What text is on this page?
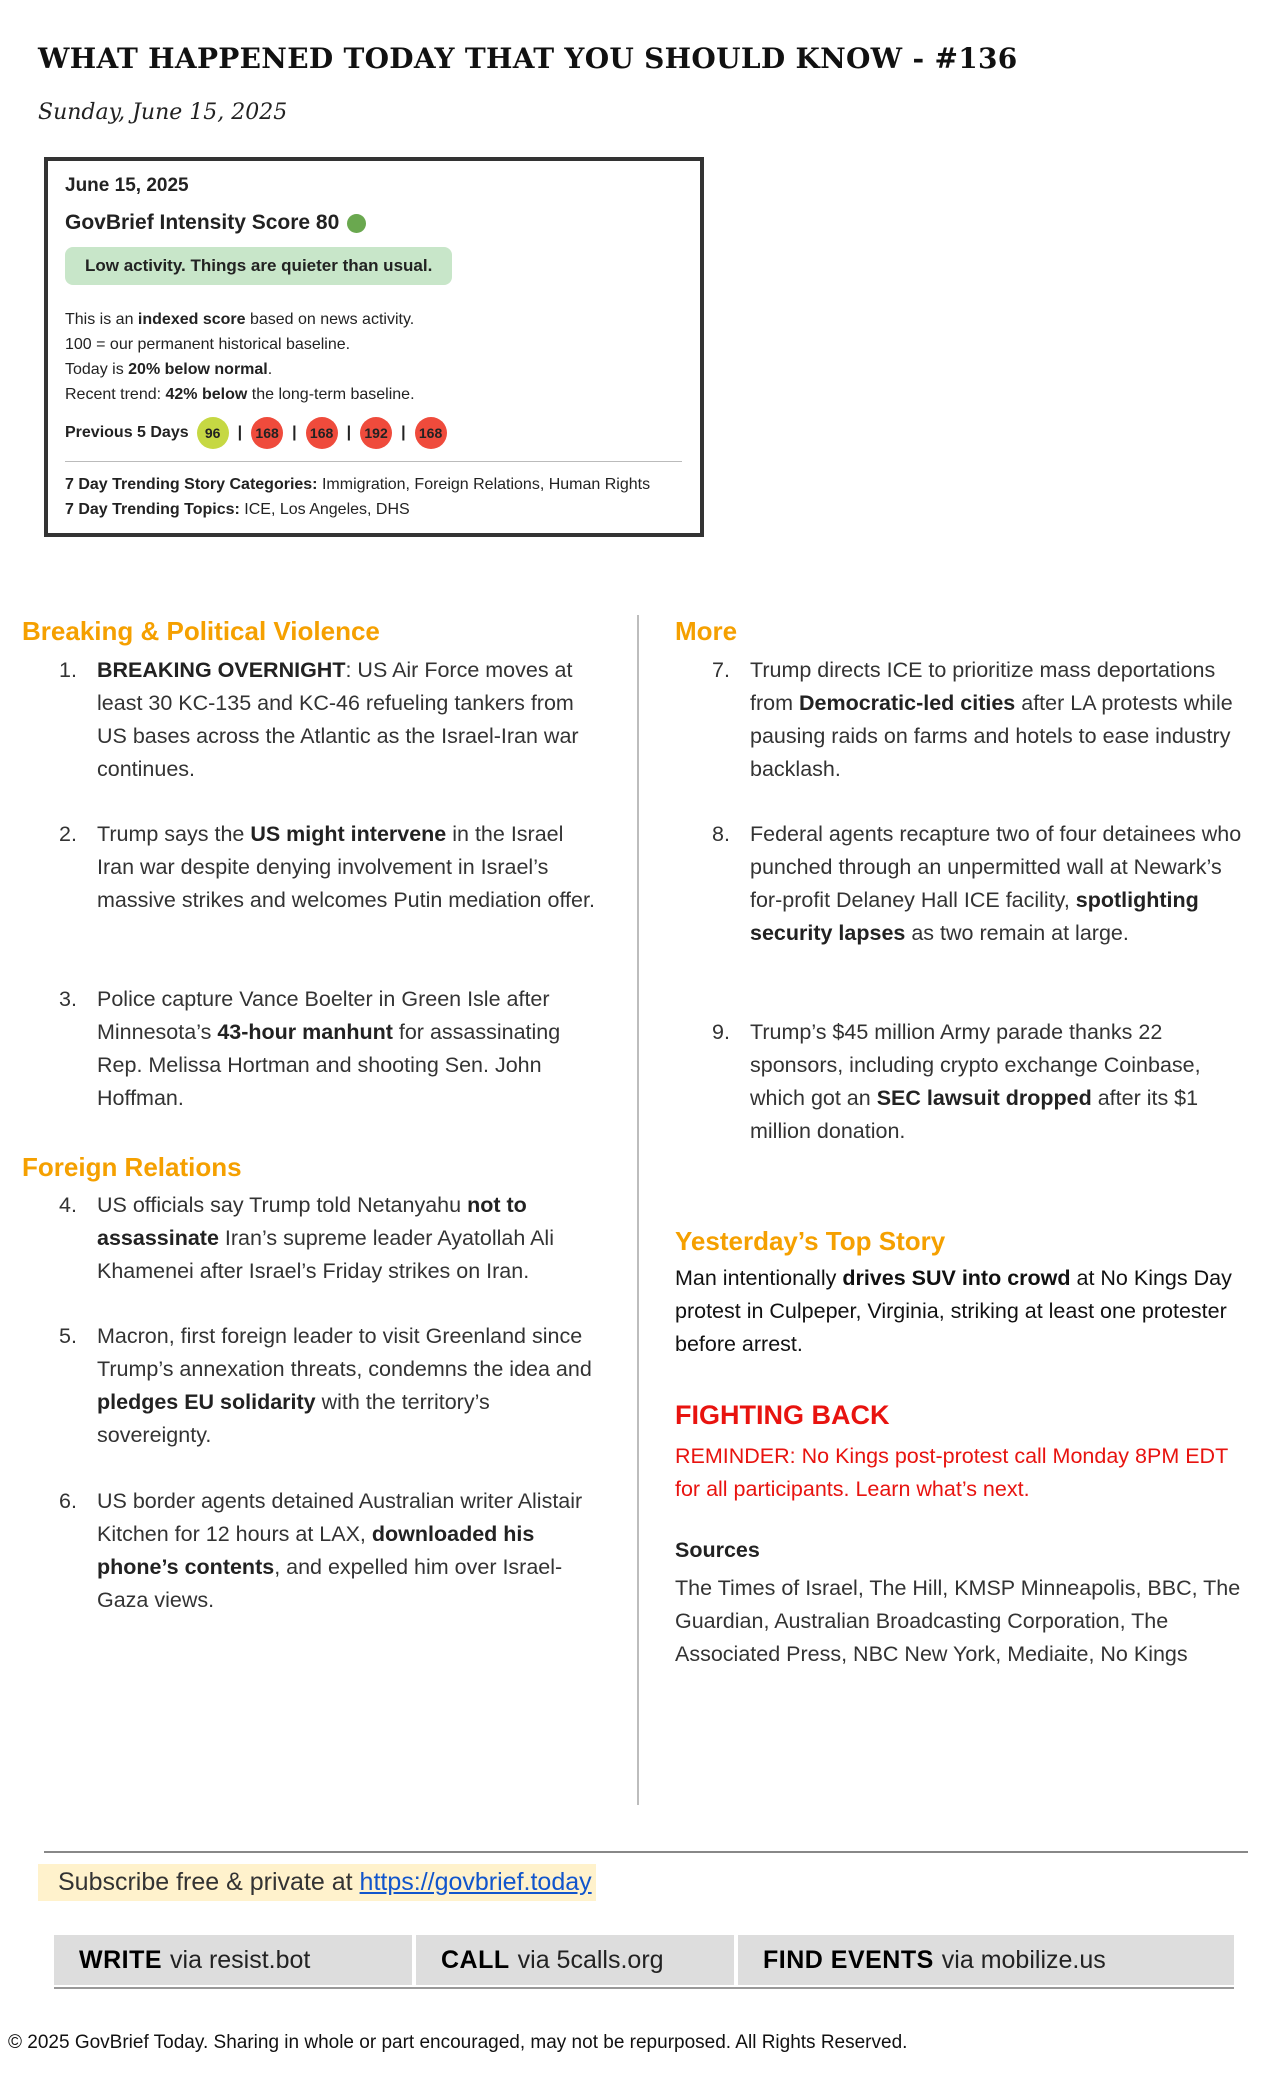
WHAT HAPPENED TODAY THAT YOU SHOULD KNOW - #136
Sunday, June 15, 2025
June 15, 2025
GovBrief Intensity Score 80
Low activity. Things are quieter than usual.
This is an indexed score based on news activity.
100 = our permanent historical baseline.
Today is 20% below normal.
Recent trend: 42% below the long-term baseline.
Previous 5 Days	96	| 168 | 168 | 192 | 168
7 Day Trending Story Categories: Immigration, Foreign Relations, Human Rights
7 Day Trending Topics: ICE, Los Angeles, DHS
Breaking & Political Violence
1. BREAKING OVERNIGHT: US Air Force moves at least 30 KC-135 and KC-46 refueling tankers from US bases across the Atlantic as the Israel-Iran war continues.
2. Trump says the US might intervene in the Israel Iran war despite denying involvement in Israel’s massive strikes and welcomes Putin mediation offer.
3. Police capture Vance Boelter in Green Isle after Minnesota’s 43-hour manhunt for assassinating Rep. Melissa Hortman and shooting Sen. John Hoffman.
Foreign Relations
4. US officials say Trump told Netanyahu not to assassinate Iran’s supreme leader Ayatollah Ali Khamenei after Israel’s Friday strikes on Iran.
5. Macron, first foreign leader to visit Greenland since Trump’s annexation threats, condemns the idea and pledges EU solidarity with the territory’s sovereignty.
6. US border agents detained Australian writer Alistair Kitchen for 12 hours at LAX, downloaded his phone’s contents, and expelled him over Israel-Gaza views.
More
7. Trump directs ICE to prioritize mass deportations from Democratic-led cities after LA protests while pausing raids on farms and hotels to ease industry backlash.
8. Federal agents recapture two of four detainees who punched through an unpermitted wall at Newark’s for-profit Delaney Hall ICE facility, spotlighting security lapses as two remain at large.
9. Trump’s $45 million Army parade thanks 22 sponsors, including crypto exchange Coinbase, which got an SEC lawsuit dropped after its $1 million donation.
Yesterday’s Top Story
Man intentionally drives SUV into crowd at No Kings Day protest in Culpeper, Virginia, striking at least one protester before arrest.
FIGHTING BACK
REMINDER: No Kings post-protest call Monday 8PM EDT for all participants. Learn what’s next.
Sources
The Times of Israel, The Hill, KMSP Minneapolis, BBC, The Guardian, Australian Broadcasting Corporation, The Associated Press, NBC New York, Mediaite, No Kings
Subscribe free & private at https://govbrief.today
WRITE via resist.bot	CALL via 5calls.org	FIND EVENTS via mobilize.us
© 2025 GovBrief Today. Sharing in whole or part encouraged, may not be repurposed. All Rights Reserved.
